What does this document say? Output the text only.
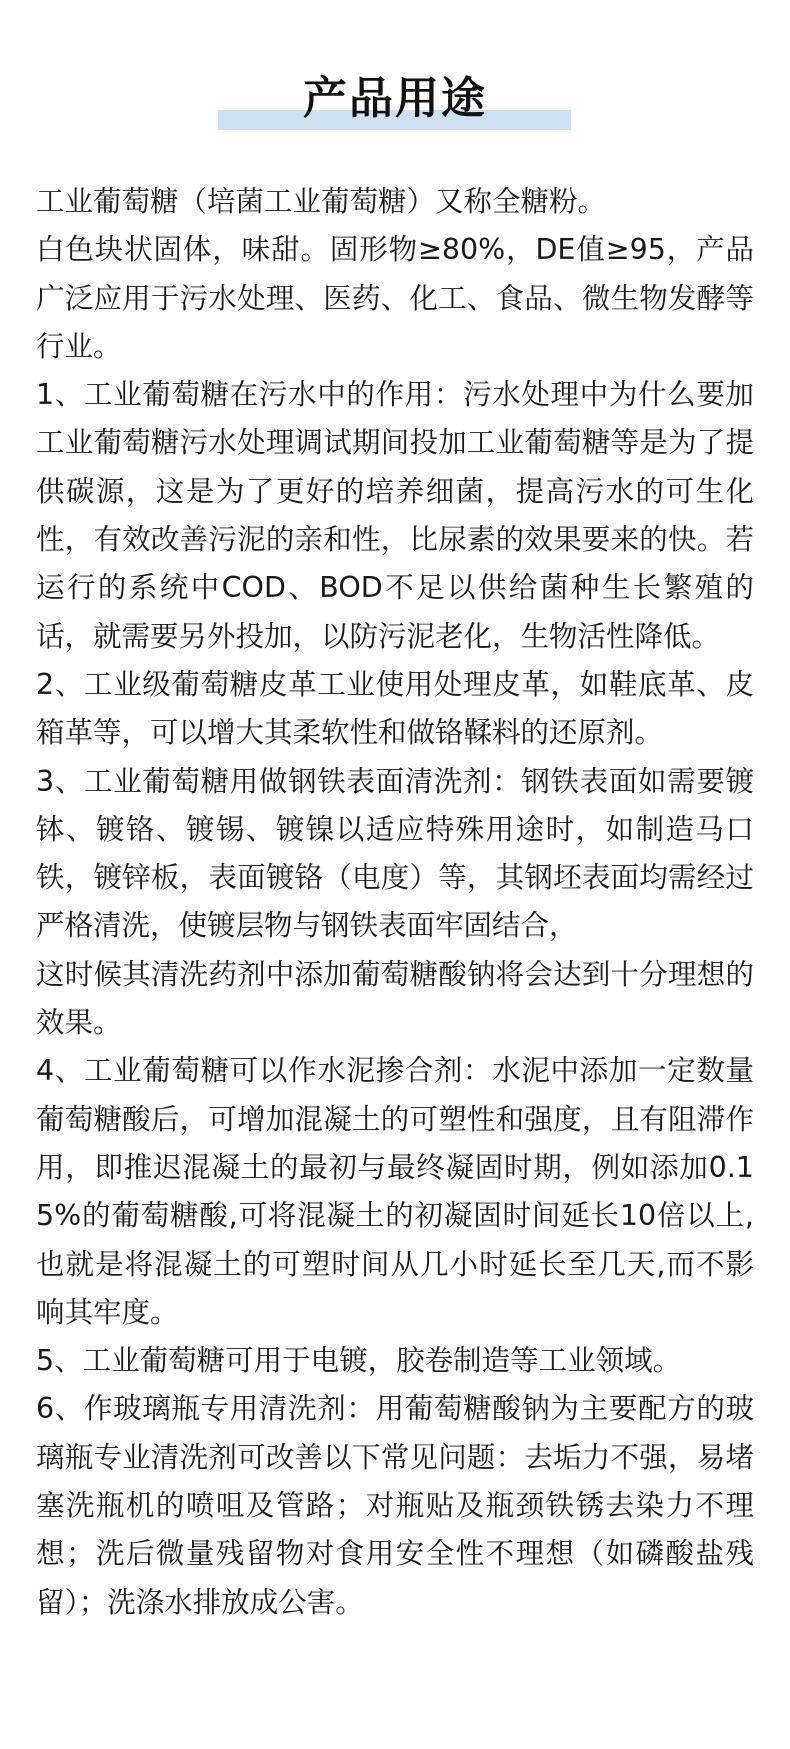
产品用途

工业葡萄糖（培菌工业葡萄糖）又称全糖粉。

白色块状固体，味甜。固形物≥80%，DE值≥95，产品广泛应用于污水处理、医药、化工、食品、微生物发酵等行业。

1、工业葡萄糖在污水中的作用：污水处理中为什么要加工业葡萄糖污水处理调试期间投加工业葡萄糖等是为了提供碳源，这是为了更好的培养细菌，提高污水的可生化性，有效改善污泥的亲和性，比尿素的效果要来的快。若运行的系统中COD、BOD不足以供给菌种生长繁殖的话，就需要另外投加，以防污泥老化，生物活性降低。

2、工业级葡萄糖皮革工业使用处理皮革，如鞋底革、皮箱革等，可以增大其柔软性和做铬鞣料的还原剂。

3、工业葡萄糖用做钢铁表面清洗剂：钢铁表面如需要镀钵、镀铬、镀锡、镀镍以适应特殊用途时，如制造马口铁，镀锌板，表面镀铬（电度）等，其钢坯表面均需经过严格清洗，使镀层物与钢铁表面牢固结合，

这时候其清洗药剂中添加葡萄糖酸钠将会达到十分理想的效果。

4、工业葡萄糖可以作水泥掺合剂：水泥中添加一定数量葡萄糖酸后，可增加混凝土的可塑性和强度，且有阻滞作用，即推迟混凝土的最初与最终凝固时期，例如添加0.15%的葡萄糖酸,可将混凝土的初凝固时间延长10倍以上,也就是将混凝土的可塑时间从几小时延长至几天,而不影响其牢度。

5、工业葡萄糖可用于电镀，胶卷制造等工业领域。

6、作玻璃瓶专用清洗剂：用葡萄糖酸钠为主要配方的玻璃瓶专业清洗剂可改善以下常见问题：去垢力不强，易堵塞洗瓶机的喷咀及管路；对瓶贴及瓶颈铁锈去染力不理想；洗后微量残留物对食用安全性不理想（如磷酸盐残留）；洗涤水排放成公害。
